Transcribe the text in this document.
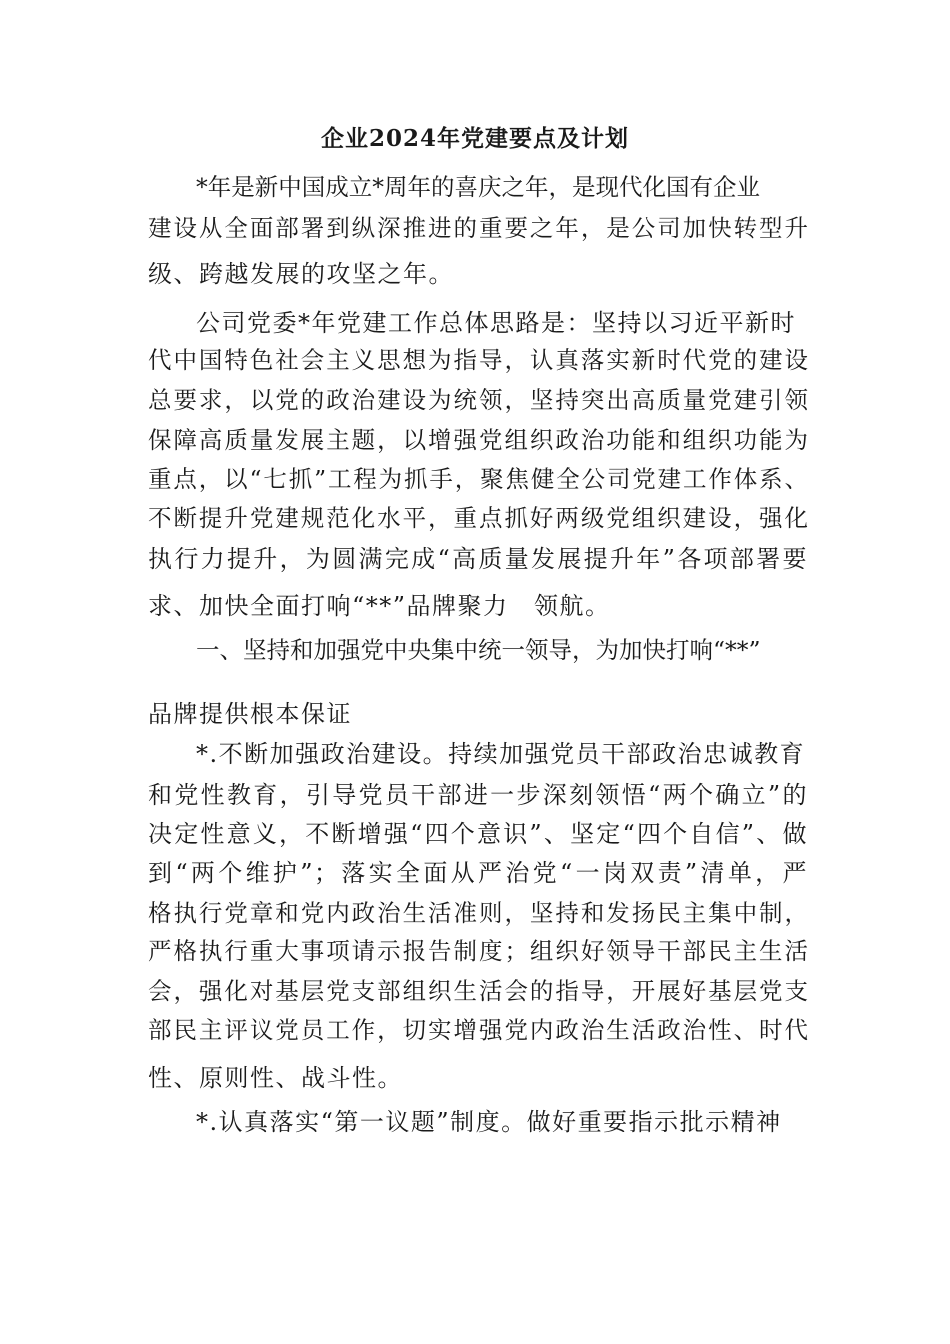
企业2024年党建要点及计划

*年是新中国成立*周年的喜庆之年，是现代化国有企业

建设从全面部署到纵深推进的重要之年，是公司加快转型升

级、跨越发展的攻坚之年。

公司党委*年党建工作总体思路是：坚持以习近平新时

代中国特色社会主义思想为指导，认真落实新时代党的建设

总要求，以党的政治建设为统领，坚持突出高质量党建引领

保障高质量发展主题，以增强党组织政治功能和组织功能为

重点，以“七抓”工程为抓手，聚焦健全公司党建工作体系、

不断提升党建规范化水平，重点抓好两级党组织建设，强化

执行力提升，为圆满完成“高质量发展提升年”各项部署要

求、加快全面打响“**”品牌聚力　领航。

一、坚持和加强党中央集中统一领导，为加快打响“**”

品牌提供根本保证

*.不断加强政治建设。持续加强党员干部政治忠诚教育

和党性教育，引导党员干部进一步深刻领悟“两个确立”的

决定性意义，不断增强“四个意识”、坚定“四个自信”、做

到“两个维护”；落实全面从严治党“一岗双责”清单，严

格执行党章和党内政治生活准则，坚持和发扬民主集中制，

严格执行重大事项请示报告制度；组织好领导干部民主生活

会，强化对基层党支部组织生活会的指导，开展好基层党支

部民主评议党员工作，切实增强党内政治生活政治性、时代

性、原则性、战斗性。

*.认真落实“第一议题”制度。做好重要指示批示精神
